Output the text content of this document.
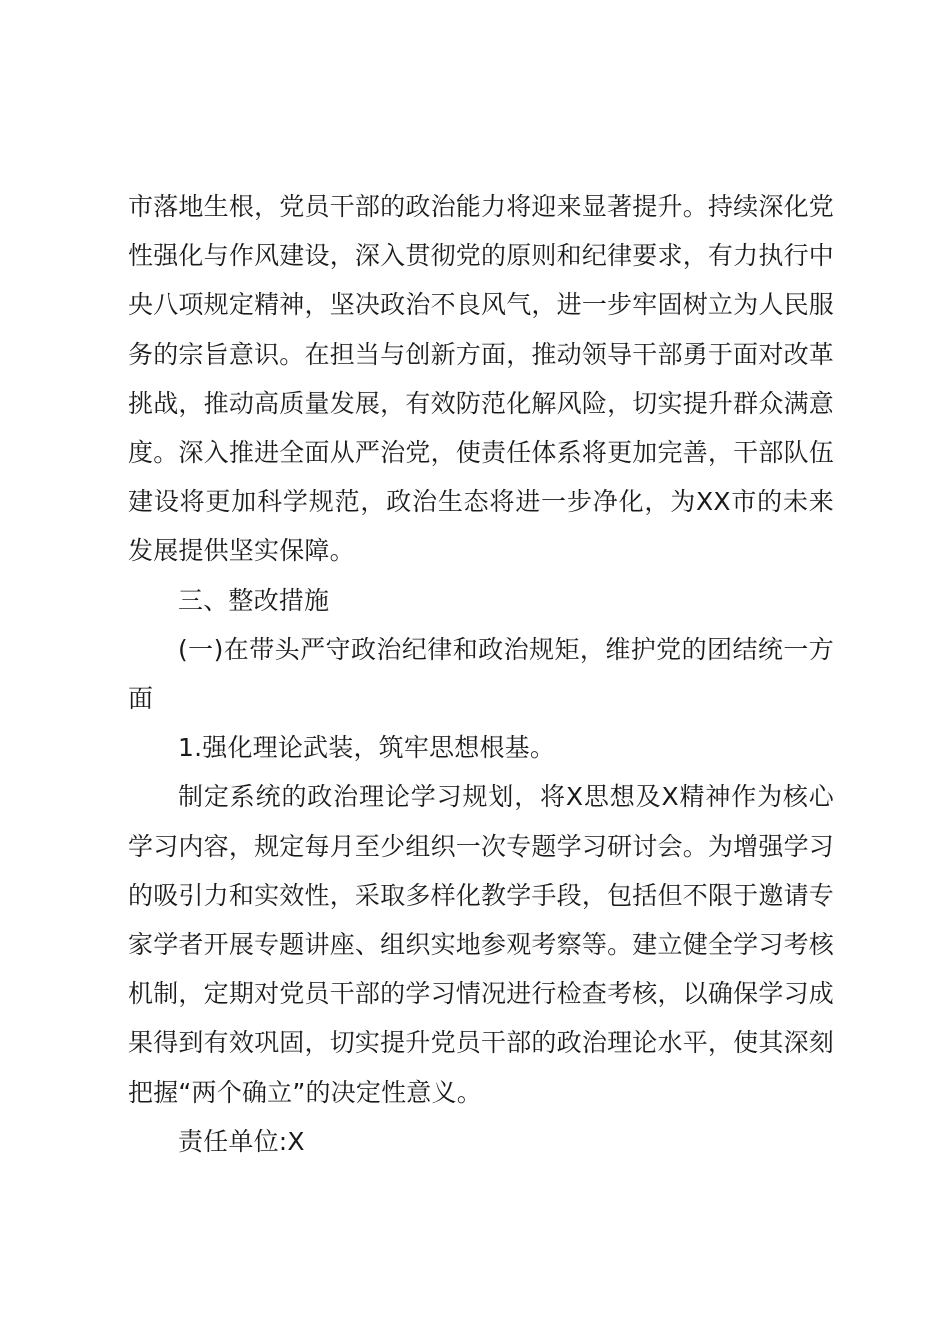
市落地生根，党员干部的政治能力将迎来显著提升。持续深化党性强化与作风建设，深入贯彻党的原则和纪律要求，有力执行中央八项规定精神，坚决政治不良风气，进一步牢固树立为人民服务的宗旨意识。在担当与创新方面，推动领导干部勇于面对改革挑战，推动高质量发展，有效防范化解风险，切实提升群众满意度。深入推进全面从严治党，使责任体系将更加完善，干部队伍建设将更加科学规范，政治生态将进一步净化，为XX市的未来发展提供坚实保障。

三、整改措施

(一)在带头严守政治纪律和政治规矩，维护党的团结统一方面

1.强化理论武装，筑牢思想根基。

制定系统的政治理论学习规划，将X思想及X精神作为核心学习内容，规定每月至少组织一次专题学习研讨会。为增强学习的吸引力和实效性，采取多样化教学手段，包括但不限于邀请专家学者开展专题讲座、组织实地参观考察等。建立健全学习考核机制，定期对党员干部的学习情况进行检查考核，以确保学习成果得到有效巩固，切实提升党员干部的政治理论水平，使其深刻把握“两个确立”的决定性意义。

责任单位:X
